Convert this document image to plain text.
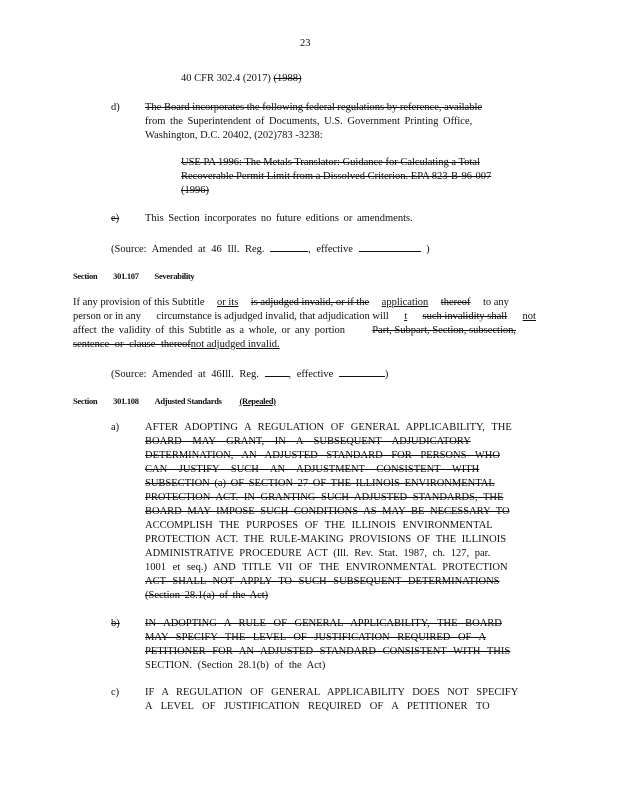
23
40 CFR 302.4 (2017) (1988)
d) The Board incorporates the following federal regulations by reference, available
from the Superintendent of Documents, U.S. Government Printing Office,
Washington, D.C. 20402, (202)783 -3238:
USE PA 1996: The Metals Translator: Guidance for Calculating a Total
Recoverable Permit Limit from a Dissolved Criterion. EPA 823-B-96-007
(1996)
e) This Section incorporates no future editions or amendments.
(Source: Amended at 46 Ill. Reg.	, effective	)
Section 301.107 Severability
If any provision of this Subtitle or its is adjudged invalid, or if the application thereof to any
person or in any circumstance is adjudged invalid, that adjudication will t such invalidity shall not
affect the validity of this Subtitle as a whole, or any portion	Part, Subpart, Section, subsection,
sentence or clause thereofnot adjudged invalid.
(Source: Amended at 46Ill. Reg.	, effective	)
Section 301.108 Adjusted Standards (Repealed)
a) AFTER ADOPTING A REGULATION OF GENERAL APPLICABILITY, THE
BOARD MAY GRANT, IN A SUBSEQUENT ADJUDICATORY
DETERMINATION, AN ADJUSTED STANDARD FOR PERSONS WHO
CAN JUSTIFY SUCH AN ADJUSTMENT CONSISTENT WITH
SUBSECTION (a) OF SECTION 27 OF THE ILLINOIS ENVIRONMENTAL
PROTECTION ACT. IN GRANTING SUCH ADJUSTED STANDARDS, THE
BOARD MAY IMPOSE SUCH CONDITIONS AS MAY BE NECESSARY TO
ACCOMPLISH THE PURPOSES OF THE ILLINOIS ENVIRONMENTAL
PROTECTION ACT. THE RULE-MAKING PROVISIONS OF THE ILLINOIS
ADMINISTRATIVE PROCEDURE ACT (Ill. Rev. Stat. 1987, ch. 127, par.
1001 et seq.) AND TITLE VII OF THE ENVIRONMENTAL PROTECTION
ACT SHALL NOT APPLY TO SUCH SUBSEQUENT DETERMINATIONS
(Section 28.1(a) of the Act)
b) IN ADOPTING A RULE OF GENERAL APPLICABILITY, THE BOARD
MAY SPECIFY THE LEVEL OF JUSTIFICATION REQUIRED OF A
PETITIONER FOR AN ADJUSTED STANDARD CONSISTENT WITH THIS
SECTION. (Section 28.1(b) of the Act)
c) IF A REGULATION OF GENERAL APPLICABILITY DOES NOT SPECIFY
A LEVEL OF JUSTIFICATION REQUIRED OF A PETITIONER TO
